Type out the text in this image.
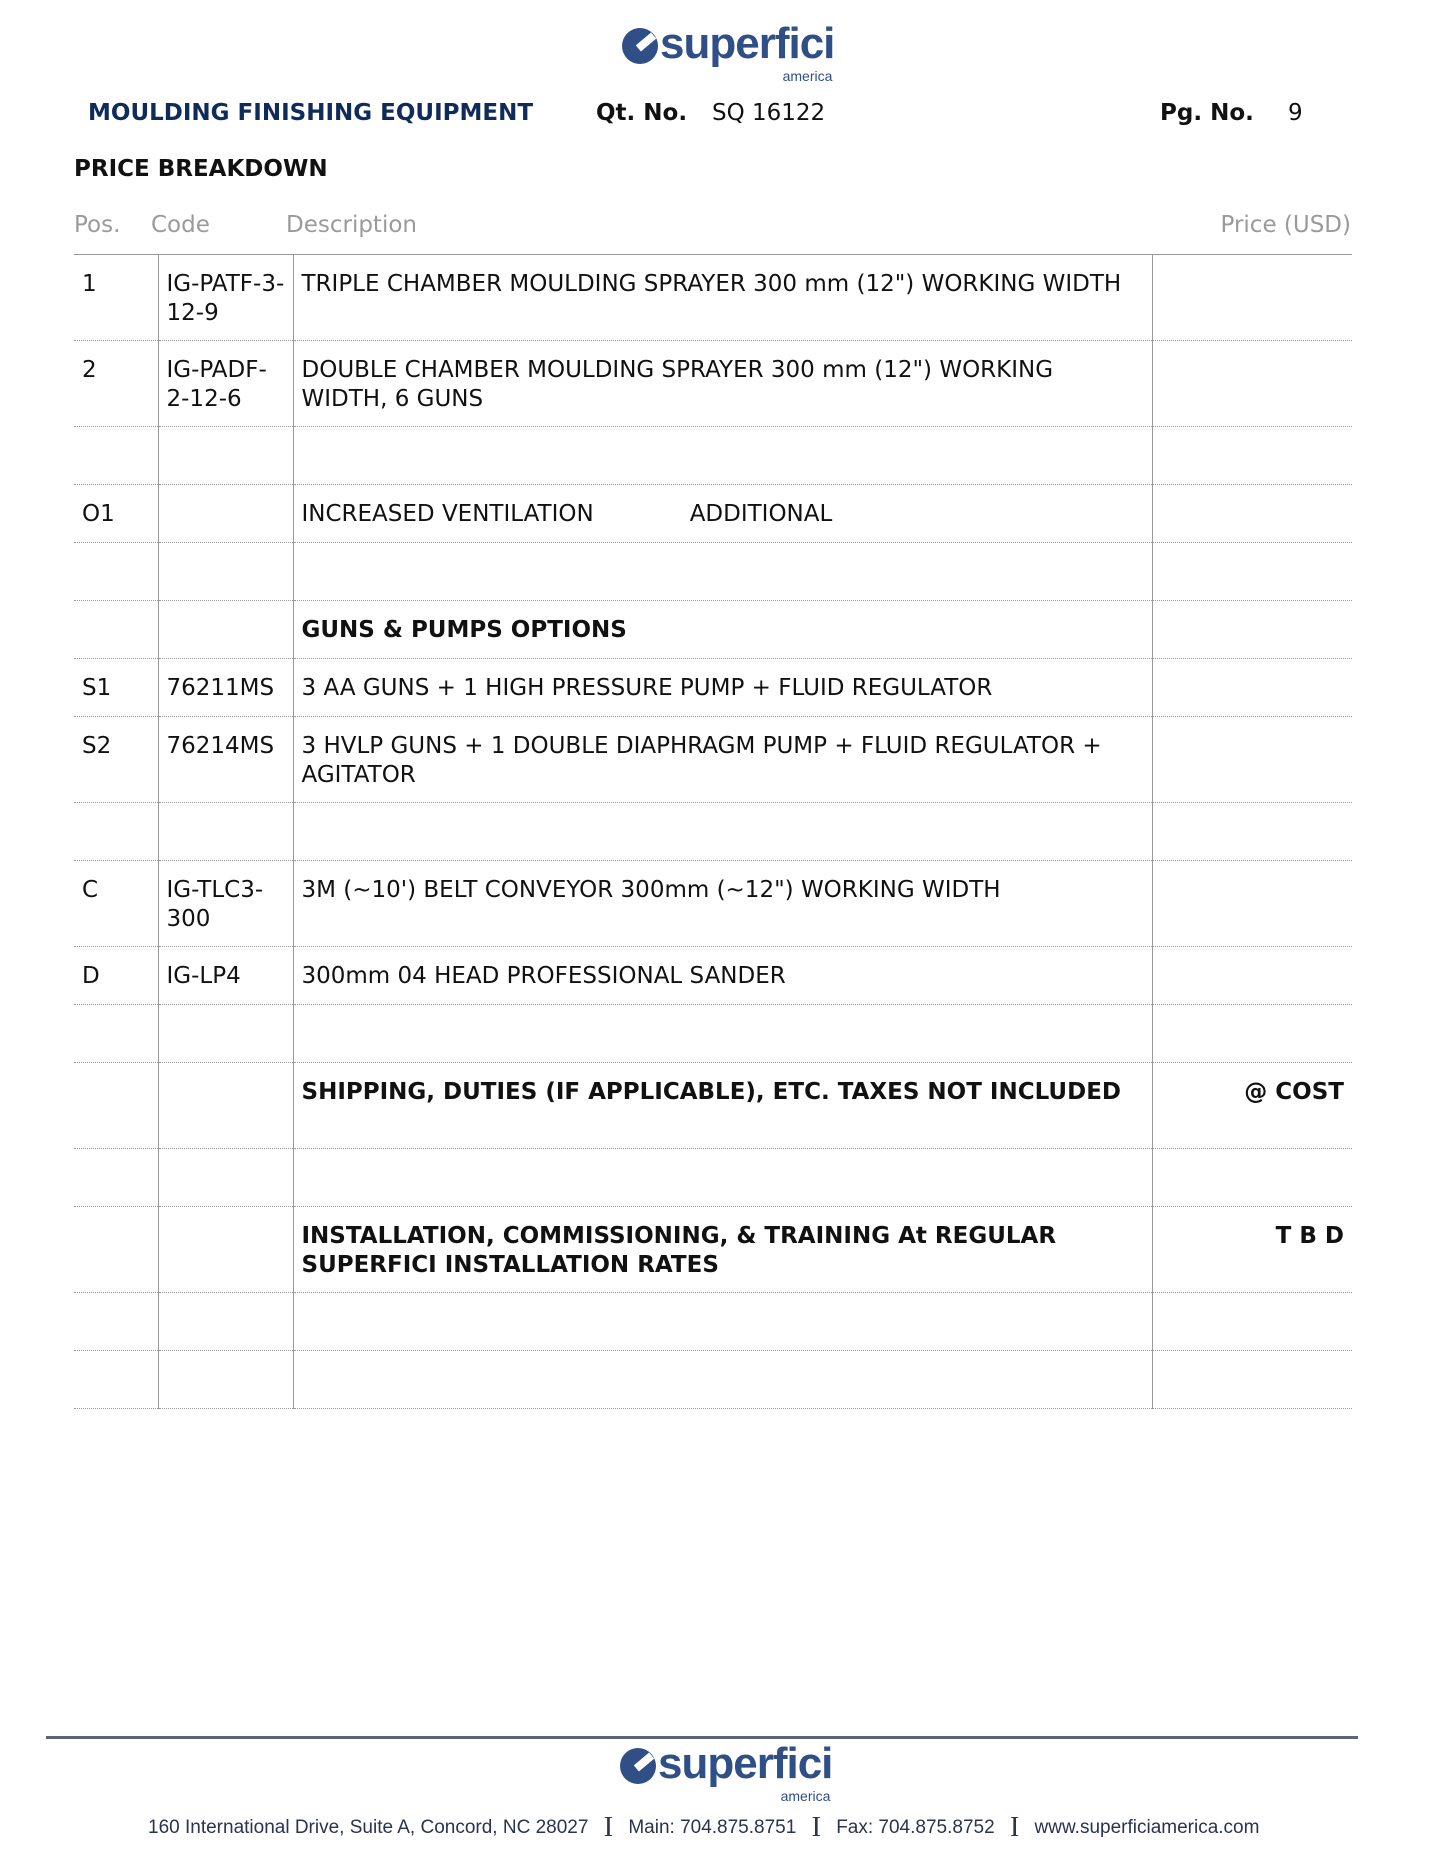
superfici
america
MOULDING FINISHING EQUIPMENT	Qt. No. SQ 16122	Pg. No. 9
PRICE BREAKDOWN
Pos. Code	Description	Price (USD)
1	IG-PATF-3-12-9	TRIPLE CHAMBER MOULDING SPRAYER 300 mm (12") WORKING WIDTH	
2	IG-PADF-2-12-6	DOUBLE CHAMBER MOULDING SPRAYER 300 mm (12") WORKING WIDTH, 6 GUNS	

O1		INCREASED VENTILATION ADDITIONAL	

		GUNS & PUMPS OPTIONS	
S1	76211MS	3 AA GUNS + 1 HIGH PRESSURE PUMP + FLUID REGULATOR	
S2	76214MS	3 HVLP GUNS + 1 DOUBLE DIAPHRAGM PUMP + FLUID REGULATOR + AGITATOR	

C	IG-TLC3-300	3M (~10') BELT CONVEYOR 300mm (~12") WORKING WIDTH	
D	IG-LP4	300mm 04 HEAD PROFESSIONAL SANDER	

		SHIPPING, DUTIES (IF APPLICABLE), ETC. TAXES NOT INCLUDED	@ COST

		INSTALLATION, COMMISSIONING, & TRAINING At REGULAR SUPERFICI INSTALLATION RATES	T B D

superfici
america
160 International Drive, Suite A, Concord, NC 28027 I Main: 704.875.8751 I Fax: 704.875.8752 I www.superficiamerica.com
